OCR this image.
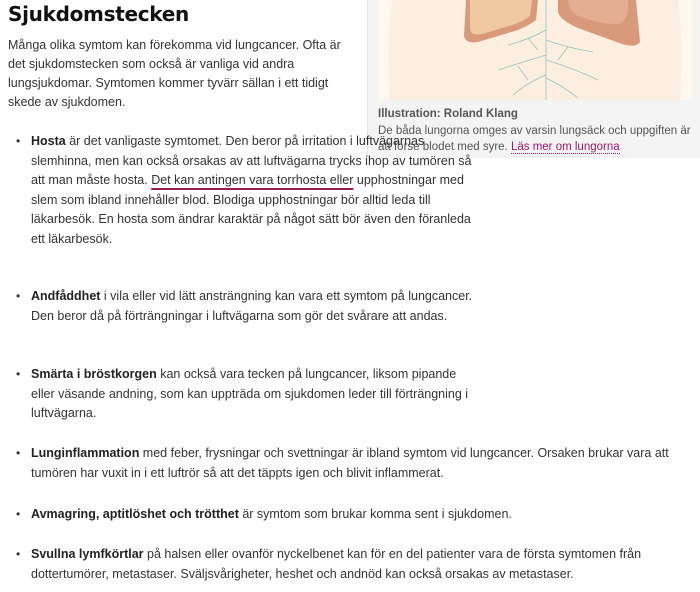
Sjukdomstecken

Många olika symtom kan förekomma vid lungcancer. Ofta är det sjukdomstecken som också är vanliga vid andra lungsjukdomar. Symtomen kommer tyvärr sällan i ett tidigt skede av sjukdomen.

Illustration: Roland Klang
De båda lungorna omges av varsin lungsäck och uppgiften är att förse blodet med syre. Läs mer om lungorna
• Hosta är det vanligaste symtomet. Den beror på irritation i luftvägarnas slemhinna, men kan också orsakas av att luftvägarna trycks ihop av tumören så att man måste hosta. Det kan antingen vara torrhosta eller upphostningar med slem som ibland innehåller blod. Blodiga upphostningar bör alltid leda till läkarbesök. En hosta som ändrar karaktär på något sätt bör även den föranleda ett läkarbesök.
• Andfåddhet i vila eller vid lätt ansträngning kan vara ett symtom på lungcancer. Den beror då på förträngningar i luftvägarna som gör det svårare att andas.
• Smärta i bröstkorgen kan också vara tecken på lungcancer, liksom pipande eller väsande andning, som kan uppträda om sjukdomen leder till förträngning i luftvägarna.
• Lunginflammation med feber, frysningar och svettningar är ibland symtom vid lungcancer. Orsaken brukar vara att tumören har vuxit in i ett luftrör så att det täppts igen och blivit inflammerat.
• Avmagring, aptitlöshet och trötthet är symtom som brukar komma sent i sjukdomen.
• Svullna lymfkörtlar på halsen eller ovanför nyckelbenet kan för en del patienter vara de första symtomen från dottertumörer, metastaser. Sväljsvårigheter, heshet och andnöd kan också orsakas av metastaser.
